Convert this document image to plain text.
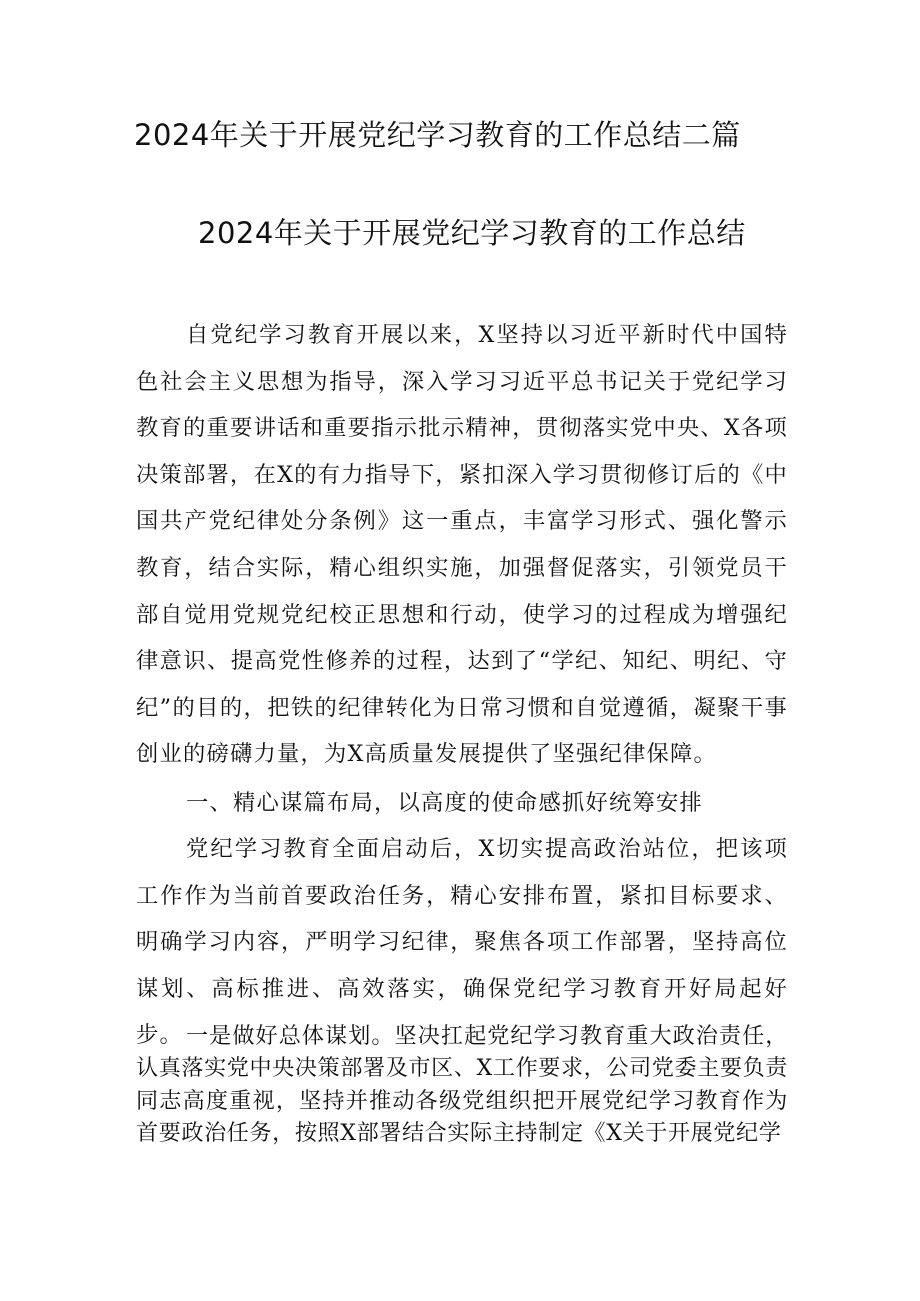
2024年关于开展党纪学习教育的工作总结二篇
2024年关于开展党纪学习教育的工作总结

自党纪学习教育开展以来，X坚持以习近平新时代中国特色社会主义思想为指导，深入学习习近平总书记关于党纪学习教育的重要讲话和重要指示批示精神，贯彻落实党中央、X各项决策部署，在X的有力指导下，紧扣深入学习贯彻修订后的《中国共产党纪律处分条例》这一重点，丰富学习形式、强化警示教育，结合实际，精心组织实施，加强督促落实，引领党员干部自觉用党规党纪校正思想和行动，使学习的过程成为增强纪律意识、提高党性修养的过程，达到了“学纪、知纪、明纪、守纪”的目的，把铁的纪律转化为日常习惯和自觉遵循，凝聚干事创业的磅礴力量，为X高质量发展提供了坚强纪律保障。

一、精心谋篇布局，以高度的使命感抓好统筹安排

党纪学习教育全面启动后，X切实提高政治站位，把该项工作作为当前首要政治任务，精心安排布置，紧扣目标要求、明确学习内容，严明学习纪律，聚焦各项工作部署，坚持高位谋划、高标推进、高效落实，确保党纪学习教育开好局起好步。 一是做好总体谋划。坚决扛起党纪学习教育重大政治责任，认真落实党中央决策部署及市区、X工作要求，公司党委主要负责同志高度重视，坚持并推动各级党组织把开展党纪学习教育作为首要政治任务，按照X部署结合实际主持制定《X关于开展党纪学
